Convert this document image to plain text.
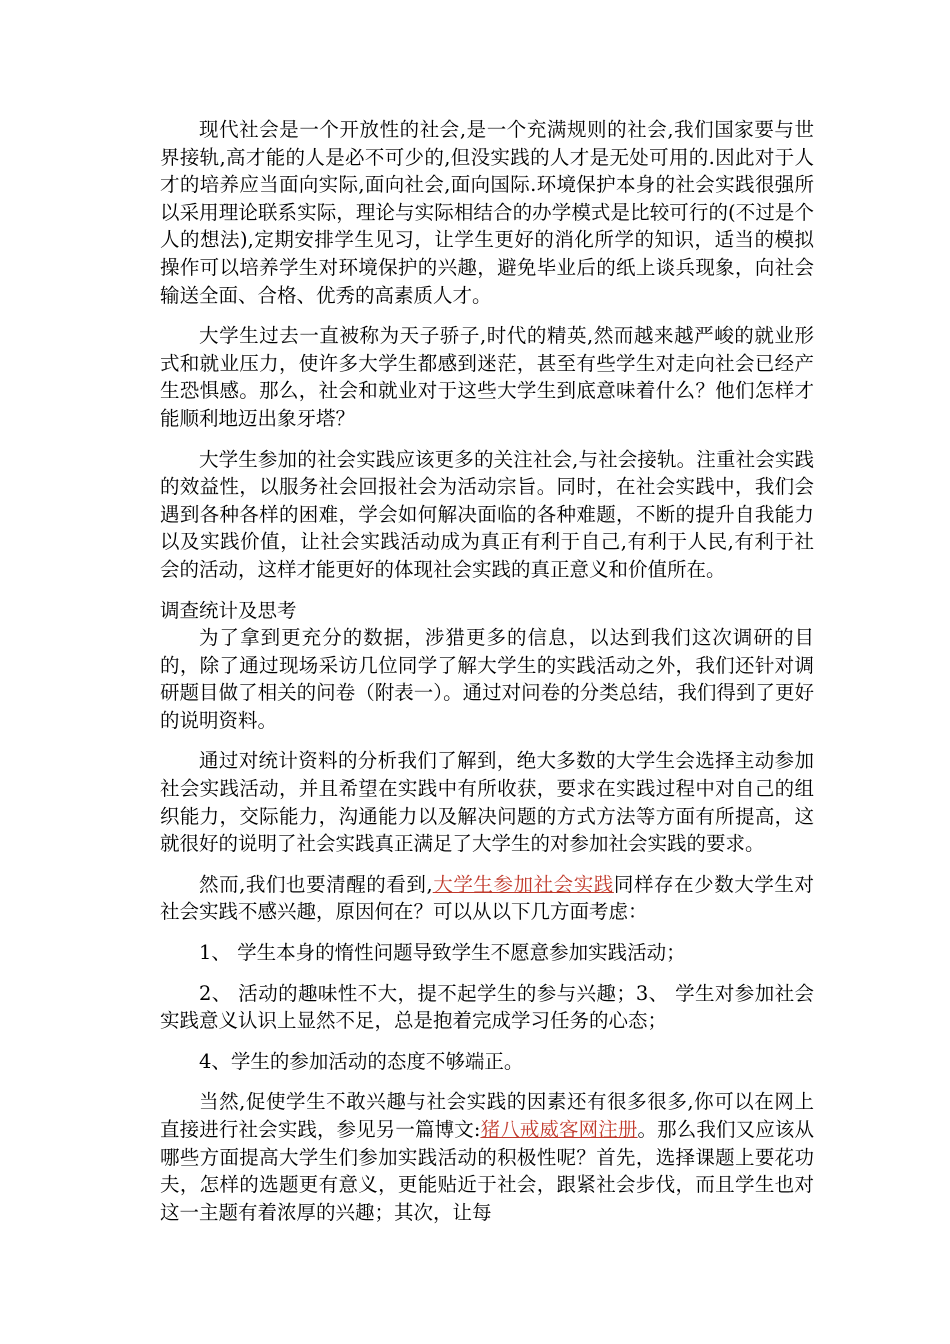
现代社会是一个开放性的社会,是一个充满规则的社会,我们国家要与世界接轨,高才能的人是必不可少的,但没实践的人才是无处可用的.因此对于人才的培养应当面向实际,面向社会,面向国际.环境保护本身的社会实践很强所以采用理论联系实际，理论与实际相结合的办学模式是比较可行的(不过是个人的想法),定期安排学生见习，让学生更好的消化所学的知识，适当的模拟操作可以培养学生对环境保护的兴趣，避免毕业后的纸上谈兵现象，向社会输送全面、合格、优秀的高素质人才。

大学生过去一直被称为天子骄子,时代的精英,然而越来越严峻的就业形式和就业压力，使许多大学生都感到迷茫，甚至有些学生对走向社会已经产生恐惧感。那么，社会和就业对于这些大学生到底意味着什么？他们怎样才能顺利地迈出象牙塔？

大学生参加的社会实践应该更多的关注社会,与社会接轨。注重社会实践的效益性，以服务社会回报社会为活动宗旨。同时，在社会实践中，我们会遇到各种各样的困难，学会如何解决面临的各种难题，不断的提升自我能力以及实践价值，让社会实践活动成为真正有利于自己,有利于人民,有利于社会的活动，这样才能更好的体现社会实践的真正意义和价值所在。

调查统计及思考

为了拿到更充分的数据，涉猎更多的信息，以达到我们这次调研的目的，除了通过现场采访几位同学了解大学生的实践活动之外，我们还针对调研题目做了相关的问卷（附表一）。通过对问卷的分类总结，我们得到了更好的说明资料。

通过对统计资料的分析我们了解到，绝大多数的大学生会选择主动参加社会实践活动，并且希望在实践中有所收获，要求在实践过程中对自己的组织能力，交际能力，沟通能力以及解决问题的方式方法等方面有所提高，这就很好的说明了社会实践真正满足了大学生的对参加社会实践的要求。

然而,我们也要清醒的看到,大学生参加社会实践同样存在少数大学生对社会实践不感兴趣，原因何在？可以从以下几方面考虑：

1、 学生本身的惰性问题导致学生不愿意参加实践活动；

2、 活动的趣味性不大，提不起学生的参与兴趣；3、 学生对参加社会实践意义认识上显然不足，总是抱着完成学习任务的心态；

4、学生的参加活动的态度不够端正。

当然,促使学生不敢兴趣与社会实践的因素还有很多很多,你可以在网上直接进行社会实践，参见另一篇博文:猪八戒威客网注册。那么我们又应该从哪些方面提高大学生们参加实践活动的积极性呢？首先，选择课题上要花功夫，怎样的选题更有意义，更能贴近于社会，跟紧社会步伐，而且学生也对这一主题有着浓厚的兴趣；其次，让每
